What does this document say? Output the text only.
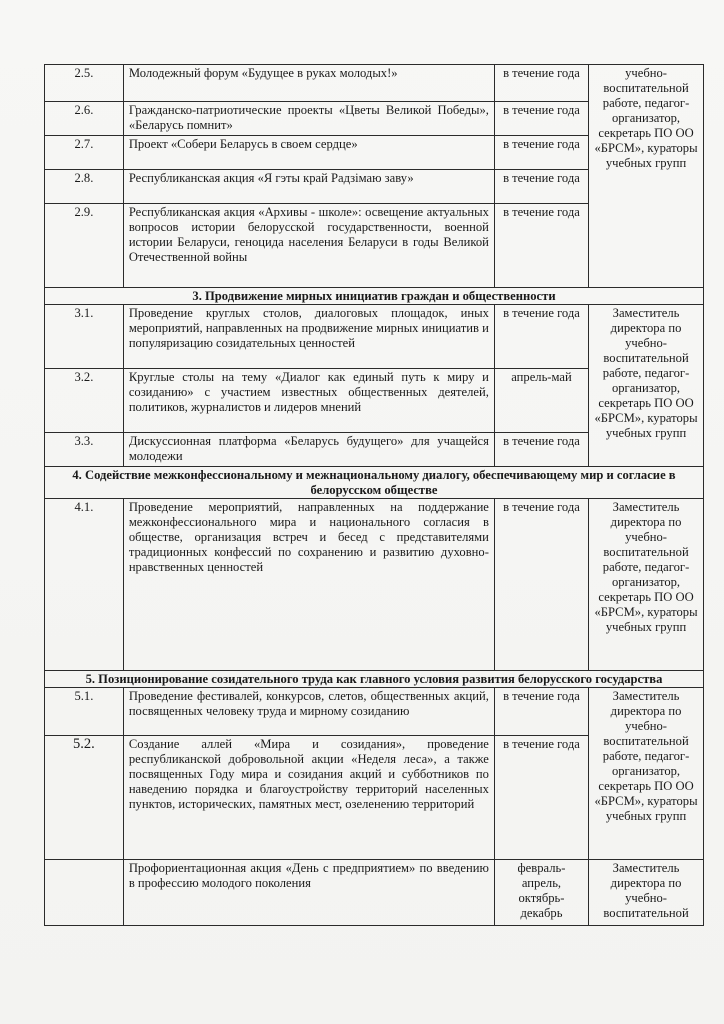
2.5.	Молодежный форум «Будущее в руках молодых!»	в течение года	учебно-воспитательной работе, педагог-организатор, секретарь ПО ОО «БРСМ», кураторы учебных групп
2.6.	Гражданско-патриотические проекты «Цветы Великой Победы», «Беларусь помнит»	в течение года	
2.7.	Проект «Собери Беларусь в своем сердце»	в течение года	
2.8.	Республиканская акция «Я гэты край Радзімаю заву»	в течение года	
2.9.	Республиканская акция «Архивы - школе»: освещение актуальных вопросов истории белорусской государственности, военной истории Беларуси, геноцида населения Беларуси в годы Великой Отечественной войны	в течение года	
3. Продвижение мирных инициатив граждан и общественности			
3.1.	Проведение круглых столов, диалоговых площадок, иных мероприятий, направленных на продвижение мирных инициатив и популяризацию созидательных ценностей	в течение года	Заместитель директора по учебно-воспитательной работе, педагог-организатор, секретарь ПО ОО «БРСМ», кураторы учебных групп
3.2.	Круглые столы на тему «Диалог как единый путь к миру и созиданию» с участием известных общественных деятелей, политиков, журналистов и лидеров мнений	апрель-май	
3.3.	Дискуссионная платформа «Беларусь будущего» для учащейся молодежи	в течение года	
4. Содействие межконфессиональному и межнациональному диалогу, обеспечивающему мир и согласие в белорусском обществе			
4.1.	Проведение мероприятий, направленных на поддержание межконфессионального мира и национального согласия в обществе, организация встреч и бесед с представителями традиционных конфессий по сохранению и развитию духовно-нравственных ценностей	в течение года	Заместитель директора по учебно-воспитательной работе, педагог-организатор, секретарь ПО ОО «БРСМ», кураторы учебных групп
5. Позиционирование созидательного труда как главного условия развития белорусского государства			
5.1.	Проведение фестивалей, конкурсов, слетов, общественных акций, посвященных человеку труда и мирному созиданию	в течение года	Заместитель директора по учебно-воспитательной работе, педагог-организатор, секретарь ПО ОО «БРСМ», кураторы учебных групп
5.2.	Создание аллей «Мира и созидания», проведение республиканской добровольной акции «Неделя леса», а также посвященных Году мира и созидания акций и субботников по наведению порядка и благоустройству территорий населенных пунктов, исторических, памятных мест, озеленению территорий	в течение года	
	Профориентационная акция «День с предприятием» по введению в профессию молодого поколения	февраль-апрель, октябрь-декабрь	Заместитель директора по учебно-воспитательной
